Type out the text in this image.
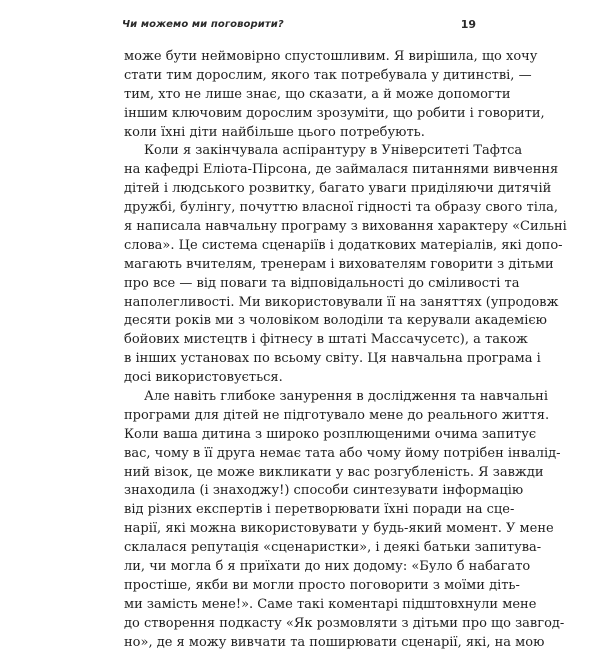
Чи можемо ми поговорити?	19
може бути неймовірно спустошливим. Я вирішила, що хочу
стати тим дорослим, якого так потребувала у дитинстві, —
тим, хто не лише знає, що сказати, а й може допомогти
іншим ключовим дорослим зрозуміти, що робити і говорити,
коли їхні діти найбільше цього потребують.
Коли я закінчувала аспірантуру в Університеті Тафтса
на кафедрі Еліота-Пірсона, де займалася питаннями вивчення
дітей і людського розвитку, багато уваги приділяючи дитячій
дружбі, булінгу, почуттю власної гідності та образу свого тіла,
я написала навчальну програму з виховання характеру «Сильні
слова». Це система сценаріїв і додаткових матеріалів, які допо-
магають вчителям, тренерам і вихователям говорити з дітьми
про все — від поваги та відповідальності до сміливості та
наполегливості. Ми використовували її на заняттях (упродовж
десяти років ми з чоловіком володіли та керували академією
бойових мистецтв і фітнесу в штаті Массачусетс), а також
в інших установах по всьому світу. Ця навчальна програма і
досі використовується.
Але навіть глибоке занурення в дослідження та навчальні
програми для дітей не підготувало мене до реального життя.
Коли ваша дитина з широко розплющеними очима запитує
вас, чому в її друга немає тата або чому йому потрібен інвалід-
ний візок, це може викликати у вас розгубленість. Я завжди
знаходила (і знаходжу!) способи синтезувати інформацію
від різних експертів і перетворювати їхні поради на сце-
нарії, які можна використовувати у будь-який момент. У мене
склалася репутація «сценаристки», і деякі батьки запитува-
ли, чи могла б я приїхати до них додому: «Було б набагато
простіше, якби ви могли просто поговорити з моїми діть-
ми замість мене!». Саме такі коментарі підштовхнули мене
до створення подкасту «Як розмовляти з дітьми про що завгод-
но», де я можу вивчати та поширювати сценарії, які, на мою
